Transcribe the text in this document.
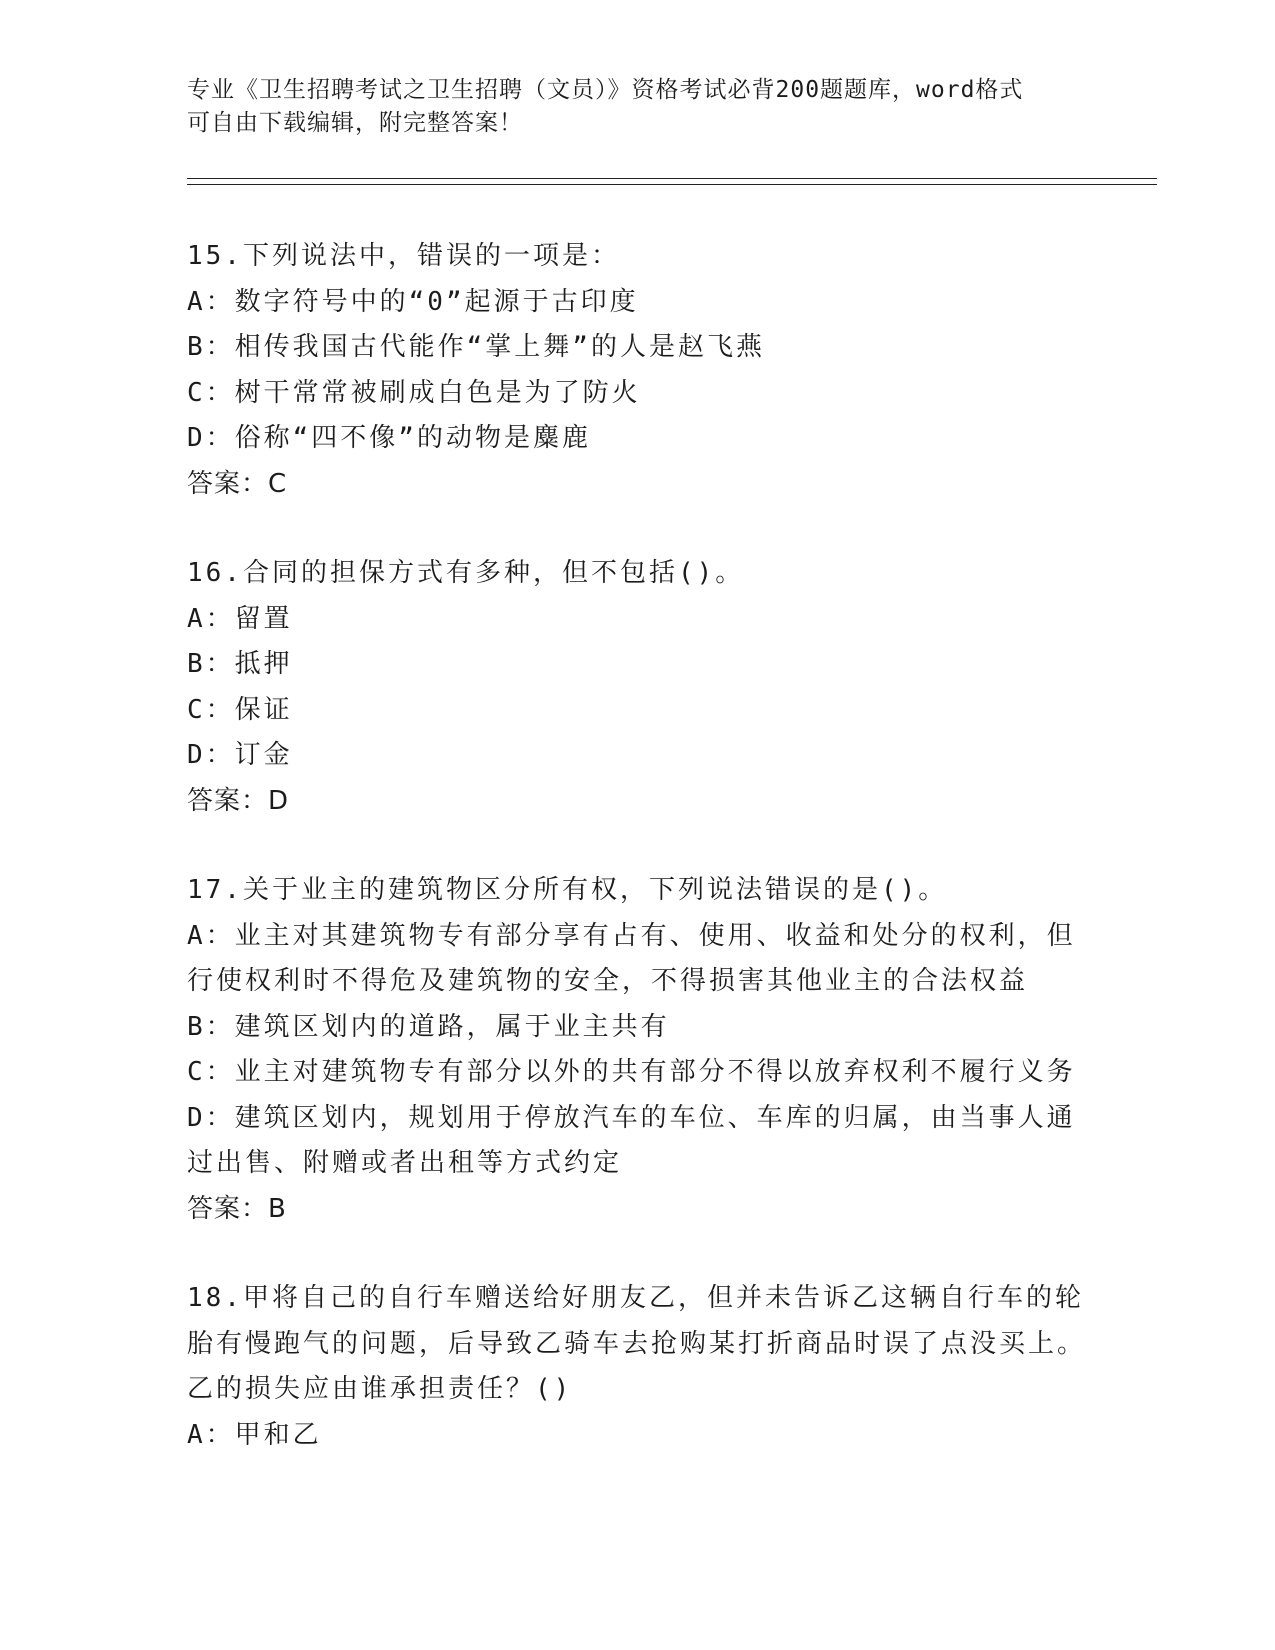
专业《卫生招聘考试之卫生招聘（文员）》资格考试必背200题题库，word格式
可自由下载编辑，附完整答案！
15.下列说法中，错误的一项是：
A：数字符号中的“0”起源于古印度
B：相传我国古代能作“掌上舞”的人是赵飞燕
C：树干常常被刷成白色是为了防火
D：俗称“四不像”的动物是麋鹿
答案：C
16.合同的担保方式有多种，但不包括()。
A：留置
B：抵押
C：保证
D：订金
答案：D
17.关于业主的建筑物区分所有权，下列说法错误的是()。
A：业主对其建筑物专有部分享有占有、使用、收益和处分的权利，但行使权利时不得危及建筑物的安全，不得损害其他业主的合法权益
B：建筑区划内的道路，属于业主共有
C：业主对建筑物专有部分以外的共有部分不得以放弃权利不履行义务
D：建筑区划内，规划用于停放汽车的车位、车库的归属，由当事人通过出售、附赠或者出租等方式约定
答案：B
18.甲将自己的自行车赠送给好朋友乙，但并未告诉乙这辆自行车的轮胎有慢跑气的问题，后导致乙骑车去抢购某打折商品时误了点没买上。乙的损失应由谁承担责任？()
A：甲和乙
